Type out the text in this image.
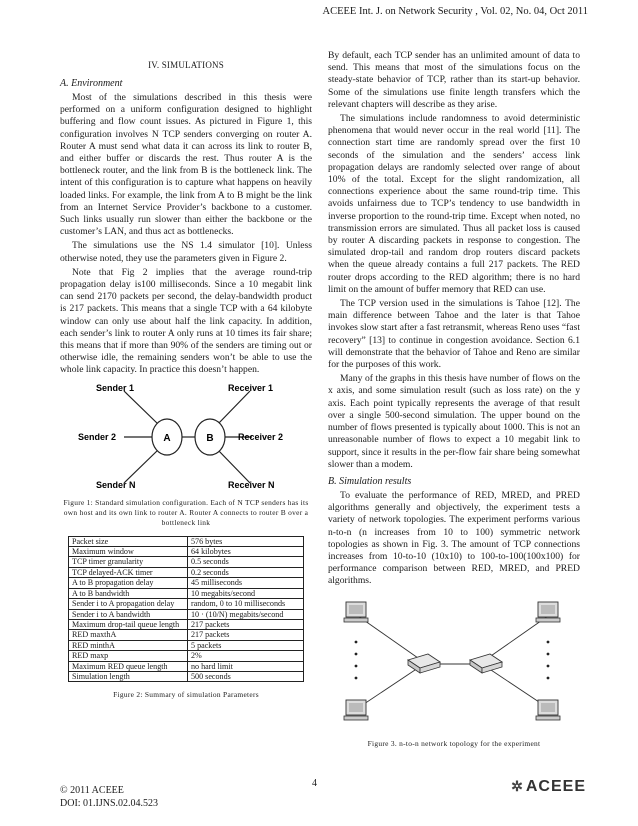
ACEEE Int. J. on Network Security , Vol. 02, No. 04, Oct 2011
IV. SIMULATIONS
A. Environment

Most of the simulations described in this thesis were performed on a uniform configuration designed to highlight buffering and flow count issues. As pictured in Figure 1, this configuration involves N TCP senders converging on router A. Router A must send what data it can across its link to router B, and either buffer or discards the rest. Thus router A is the bottleneck router, and the link from B is the bottleneck link. The intent of this configuration is to capture what happens on heavily loaded links. For example, the link from A to B might be the link from an Internet Service Provider’s backbone to a customer. Such links usually run slower than either the backbone or the customer’s LAN, and thus act as bottlenecks.

The simulations use the NS 1.4 simulator [10]. Unless otherwise noted, they use the parameters given in Figure 2.

Note that Fig 2 implies that the average round-trip propagation delay is100 milliseconds. Since a 10 megabit link can send 2170 packets per second, the delay-bandwidth product is 217 packets. This means that a single TCP with a 64 kilobyte window can only use about half the link capacity. In addition, each sender’s link to router A only runs at 10 times its fair share; this means that if more than 90% of the senders are timing out or otherwise idle, the remaining senders won’t be able to use the whole link capacity. In practice this doesn’t happen.

A	B
Sender 1
Sender 2
Sender N
Receiver 1
Receiver 2
Receiver N
Figure 1: Standard simulation configuration. Each of N TCP senders has its own host and its own link to router A. Router A connects to router B over a bottleneck link
Packet size	576 bytes
Maximum window	64 kilobytes
TCP timer granularity	0.5 seconds
TCP delayed-ACK timer	0.2 seconds
A to B propagation delay	45 milliseconds
A to B bandwidth	10 megabits/second
Sender i to A propagation delay	random, 0 to 10 milliseconds
Sender i to A bandwidth	10 · (10/N) megabits/second
Maximum drop-tail queue length	217 packets
RED maxthA	217 packets
RED minthA	5 packets
RED maxp	2%
Maximum RED queue length	no hard limit
Simulation length	500 seconds
Figure 2: Summary of simulation Parameters

By default, each TCP sender has an unlimited amount of data to send. This means that most of the simulations focus on the steady-state behavior of TCP, rather than its start-up behavior. Some of the simulations use finite length transfers which the relevant chapters will describe as they arise.

The simulations include randomness to avoid deterministic phenomena that would never occur in the real world [11]. The connection start time are randomly spread over the first 10 seconds of the simulation and the senders’ access link propagation delays are randomly selected over range of about 10% of the total. Except for the slight randomization, all connections experience about the same round-trip time. This avoids unfairness due to TCP’s tendency to use bandwidth in inverse proportion to the round-trip time. Except when noted, no transmission errors are simulated. Thus all packet loss is caused by router A discarding packets in response to congestion. The simulated drop-tail and random drop routers discard packets when the queue already contains a full 217 packets. The RED router drops according to the RED algorithm; there is no hard limit on the amount of buffer memory that RED can use.

The TCP version used in the simulations is Tahoe [12]. The main difference between Tahoe and the later is that Tahoe invokes slow start after a fast retransmit, whereas Reno uses “fast recovery” [13] to continue in congestion avoidance. Section 6.1 will demonstrate that the behavior of Tahoe and Reno are similar for the purposes of this work.

Many of the graphs in this thesis have number of flows on the x axis, and some simulation result (such as loss rate) on the y axis. Each point typically represents the average of that result over a single 500-second simulation. The upper bound on the number of flows presented is typically about 1000. This is not an unreasonable number of flows to expect a 10 megabit link to support, since it results in the per-flow fair share being somewhat slower than a modem.

B. Simulation results

To evaluate the performance of RED, MRED, and PRED algorithms generally and objectively, the experiment tests a variety of network topologies. The experiment performs various n-to-n (n increases from 10 to 100) symmetric network topologies as shown in Fig. 3. The amount of TCP connections increases from 10-to-10 (10x10) to 100-to-100(100x100) for performance comparison between RED, MRED, and PRED algorithms.

Figure 3. n-to-n network topology for the experiment
4
© 2011 ACEEE
DOI: 01.IJNS.02.04.523
✲ ACEEE
